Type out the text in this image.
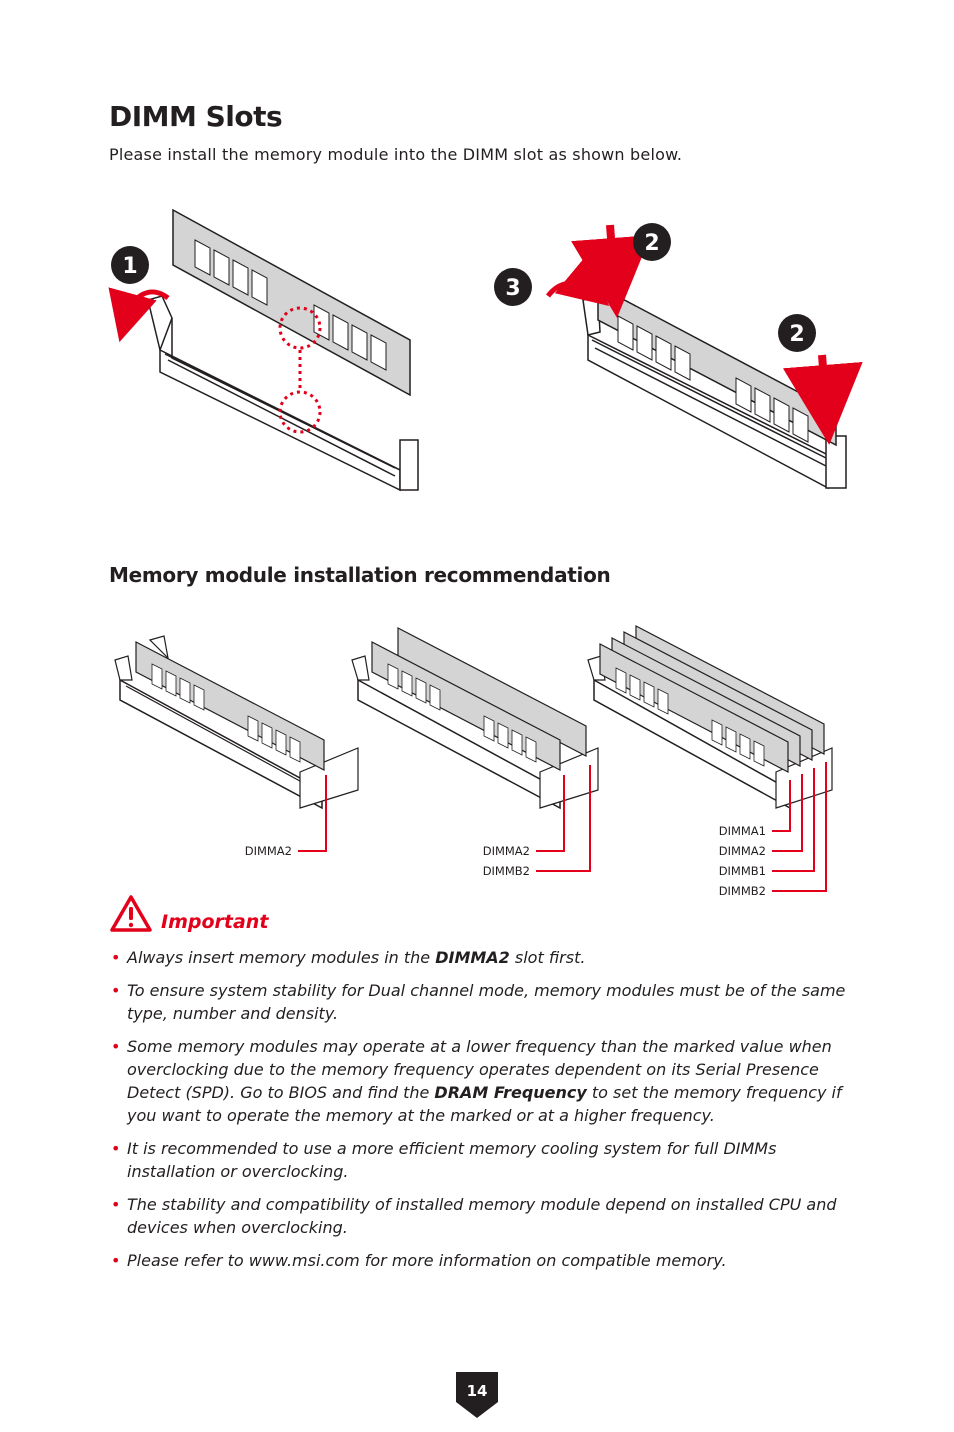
DIMM Slots

Please install the memory module into the DIMM slot as shown below.

1
2
3
2
Memory module installation recommendation
DIMMA2	DIMMA2
DIMMB2
DIMMA1
DIMMA2
DIMMB1
DIMMB2

Important

• Always insert memory modules in the DIMMA2 slot first.
• To ensure system stability for Dual channel mode, memory modules must be of the same type, number and density.
• Some memory modules may operate at a lower frequency than the marked value when overclocking due to the memory frequency operates dependent on its Serial Presence Detect (SPD). Go to BIOS and find the DRAM Frequency to set the memory frequency if you want to operate the memory at the marked or at a higher frequency.
• It is recommended to use a more efficient memory cooling system for full DIMMs installation or overclocking.
• The stability and compatibility of installed memory module depend on installed CPU and devices when overclocking.
• Please refer to www.msi.com for more information on compatible memory.
14
